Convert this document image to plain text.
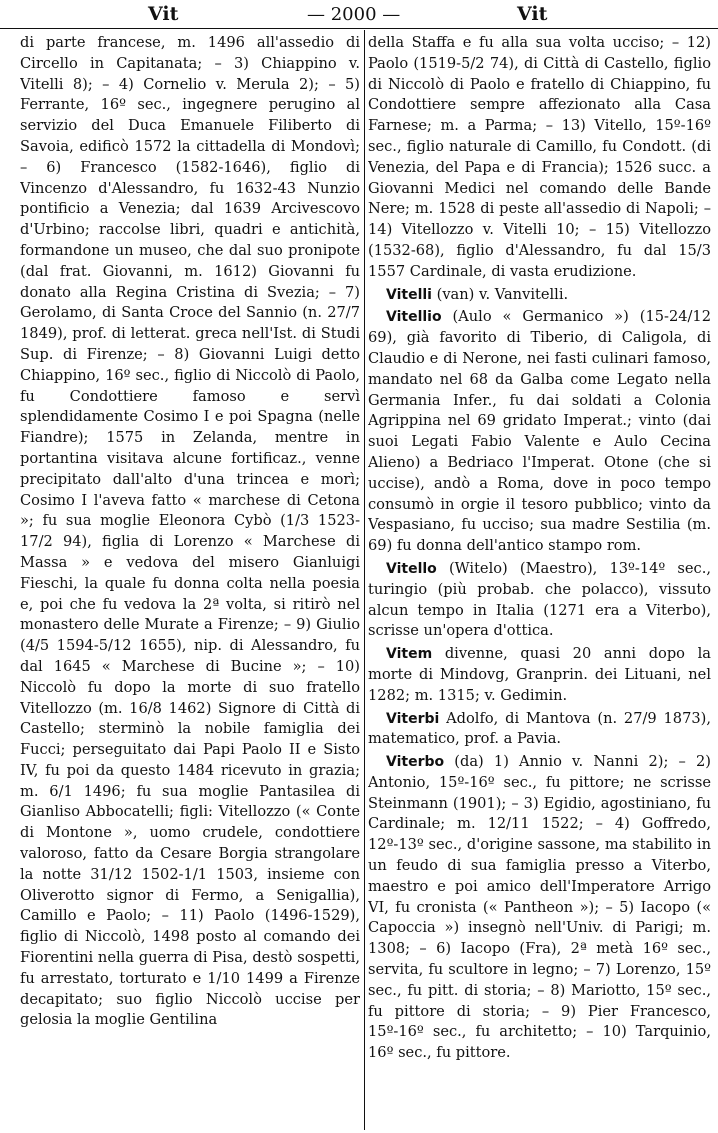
Vit	— 2000 —	Vit

di parte francese, m. 1496 all'assedio di Circello in Capitanata; – 3) Chiappino v. Vitelli 8); – 4) Cornelio v. Merula 2); – 5) Ferrante, 16º sec., ingegnere perugino al servizio del Duca Emanuele Filiberto di Savoia, edificò 1572 la cittadella di Mondovì; – 6) Francesco (1582-1646), figlio di Vincenzo d'Alessandro, fu 1632-43 Nunzio pontificio a Venezia; dal 1639 Arcivescovo d'Urbino; raccolse libri, quadri e antichità, formandone un museo, che dal suo pronipote (dal frat. Giovanni, m. 1612) Giovanni fu donato alla Regina Cristina di Svezia; – 7) Gerolamo, di Santa Croce del Sannio (n. 27/7 1849), prof. di letterat. greca nell'Ist. di Studi Sup. di Firenze; – 8) Giovanni Luigi detto Chiappino, 16º sec., figlio di Niccolò di Paolo, fu Condottiere famoso e servì splendidamente Cosimo I e poi Spagna (nelle Fiandre); 1575 in Zelanda, mentre in portantina visitava alcune fortificaz., venne precipitato dall'alto d'una trincea e morì; Cosimo I l'aveva fatto « marchese di Cetona »; fu sua moglie Eleonora Cybò (1/3 1523-17/2 94), figlia di Lorenzo « Marchese di Massa » e vedova del misero Gianluigi Fieschi, la quale fu donna colta nella poesia e, poi che fu vedova la 2ª volta, si ritirò nel monastero delle Murate a Firenze; – 9) Giulio (4/5 1594-5/12 1655), nip. di Alessandro, fu dal 1645 « Marchese di Bucine »; – 10) Niccolò fu dopo la morte di suo fratello Vitellozzo (m. 16/8 1462) Signore di Città di Castello; sterminò la nobile famiglia dei Fucci; perseguitato dai Papi Paolo II e Sisto IV, fu poi da questo 1484 ricevuto in grazia; m. 6/1 1496; fu sua moglie Pantasilea di Gianliso Abbocatelli; figli: Vitellozzo (« Conte di Montone », uomo crudele, condottiere valoroso, fatto da Cesare Borgia strangolare la notte 31/12 1502-1/1 1503, insieme con Oliverotto signor di Fermo, a Senigallia), Camillo e Paolo; – 11) Paolo (1496-1529), figlio di Niccolò, 1498 posto al comando dei Fiorentini nella guerra di Pisa, destò sospetti, fu arrestato, torturato e 1/10 1499 a Firenze decapitato; suo figlio Niccolò uccise per gelosia la moglie Gentilina

della Staffa e fu alla sua volta ucciso; – 12) Paolo (1519-5/2 74), di Città di Castello, figlio di Niccolò di Paolo e fratello di Chiappino, fu Condottiere sempre affezionato alla Casa Farnese; m. a Parma; – 13) Vitello, 15º-16º sec., figlio naturale di Camillo, fu Condott. (di Venezia, del Papa e di Francia); 1526 succ. a Giovanni Medici nel comando delle Bande Nere; m. 1528 di peste all'assedio di Napoli; – 14) Vitellozzo v. Vitelli 10; – 15) Vitellozzo (1532-68), figlio d'Alessandro, fu dal 15/3 1557 Cardinale, di vasta erudizione.

Vitelli (van) v. Vanvitelli.

Vitellio (Aulo « Germanico ») (15-24/12 69), già favorito di Tiberio, di Caligola, di Claudio e di Nerone, nei fasti culinari famoso, mandato nel 68 da Galba come Legato nella Germania Infer., fu dai soldati a Colonia Agrippina nel 69 gridato Imperat.; vinto (dai suoi Legati Fabio Valente e Aulo Cecina Alieno) a Bedriaco l'Imperat. Otone (che si uccise), andò a Roma, dove in poco tempo consumò in orgie il tesoro pubblico; vinto da Vespasiano, fu ucciso; sua madre Sestilia (m. 69) fu donna dell'antico stampo rom.

Vitello (Witelo) (Maestro), 13º-14º sec., turingio (più probab. che polacco), vissuto alcun tempo in Italia (1271 era a Viterbo), scrisse un'opera d'ottica.

Vitem divenne, quasi 20 anni dopo la morte di Mindovg, Granprin. dei Lituani, nel 1282; m. 1315; v. Gedimin.

Viterbi Adolfo, di Mantova (n. 27/9 1873), matematico, prof. a Pavia.

Viterbo (da) 1) Annio v. Nanni 2); – 2) Antonio, 15º-16º sec., fu pittore; ne scrisse Steinmann (1901); – 3) Egidio, agostiniano, fu Cardinale; m. 12/11 1522; – 4) Goffredo, 12º-13º sec., d'origine sassone, ma stabilito in un feudo di sua famiglia presso a Viterbo, maestro e poi amico dell'Imperatore Arrigo VI, fu cronista (« Pantheon »); – 5) Iacopo (« Capoccia ») insegnò nell'Univ. di Parigi; m. 1308; – 6) Iacopo (Fra), 2ª metà 16º sec., servita, fu scultore in legno; – 7) Lorenzo, 15º sec., fu pitt. di storia; – 8) Mariotto, 15º sec., fu pittore di storia; – 9) Pier Francesco, 15º-16º sec., fu architetto; – 10) Tarquinio, 16º sec., fu pittore.
